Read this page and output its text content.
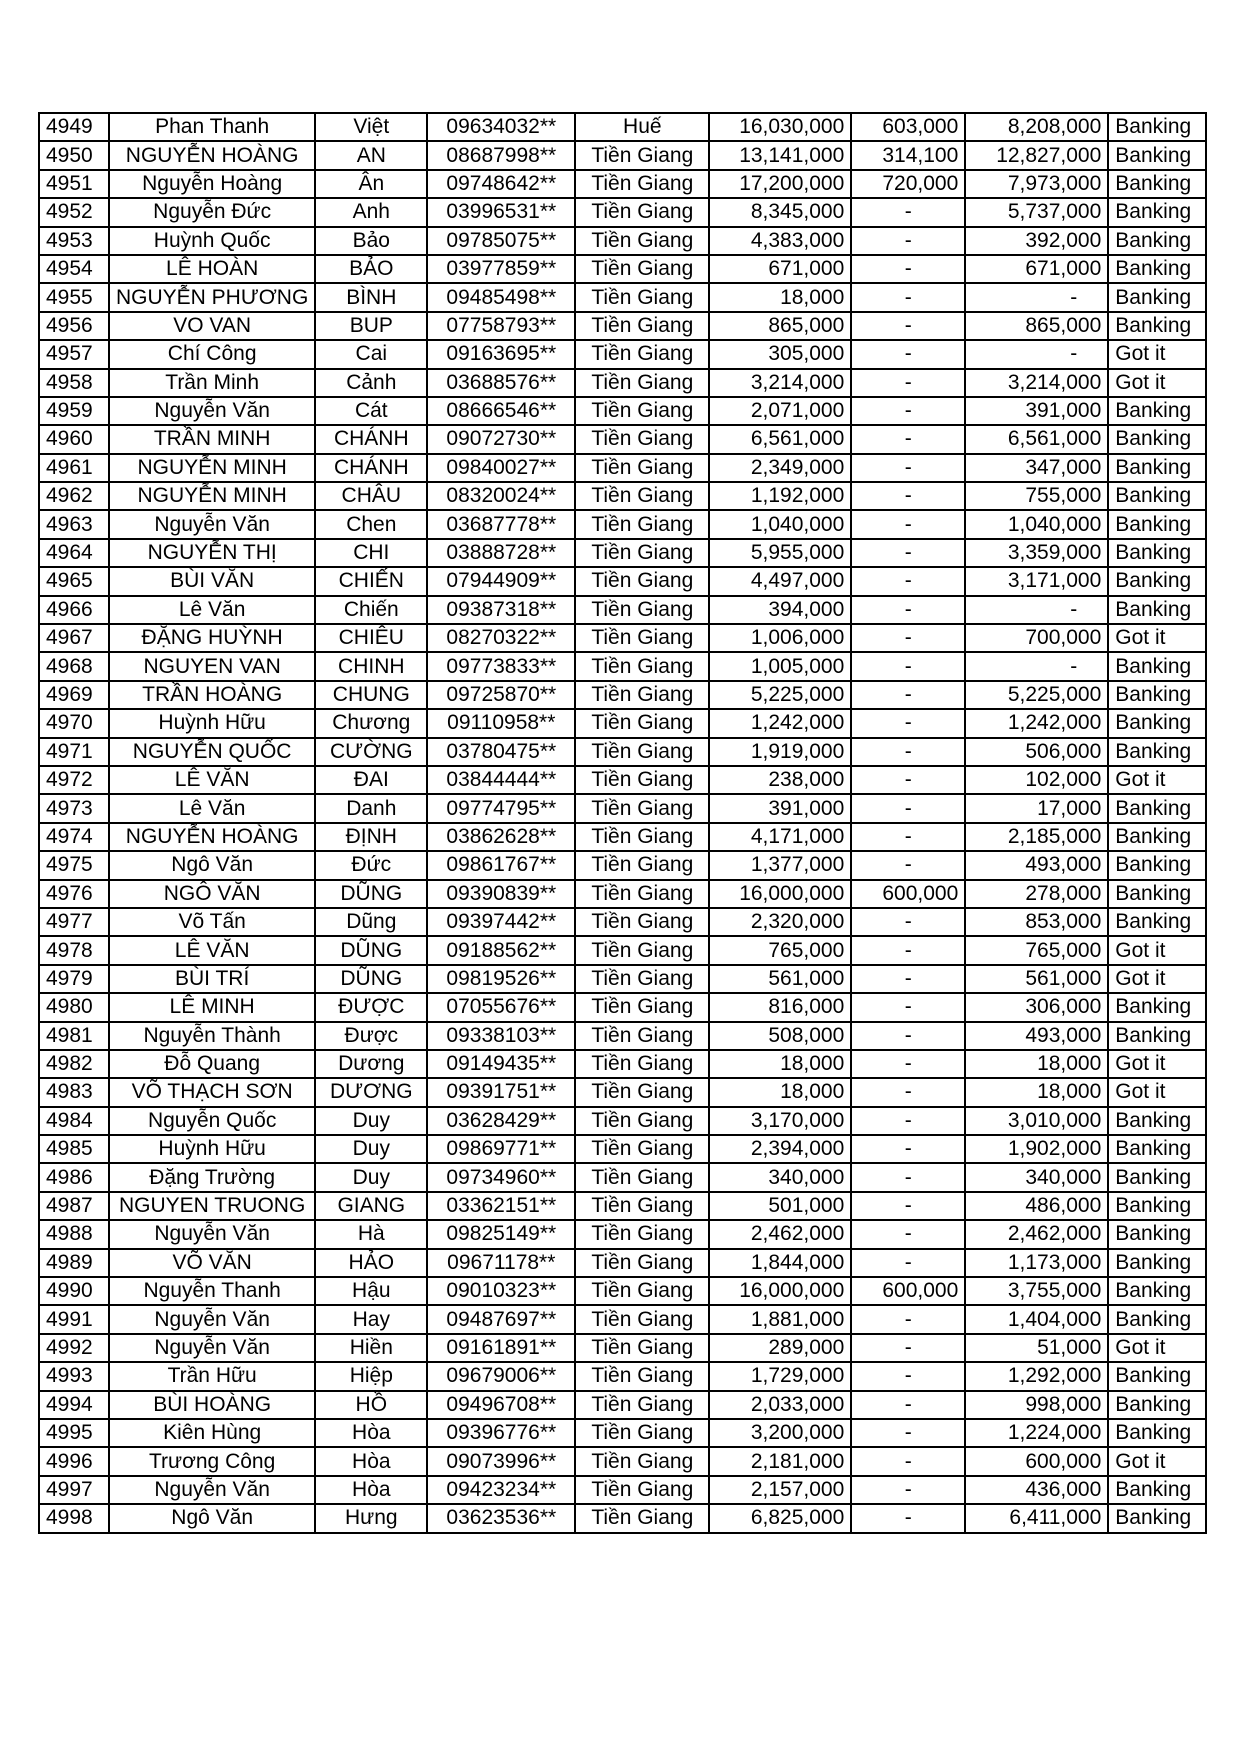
4949	Phan Thanh	Việt	09634032**	Huế	16,030,000	603,000	8,208,000	Banking
4950	NGUYỄN HOÀNG	AN	08687998**	Tiền Giang	13,141,000	314,100	12,827,000	Banking
4951	Nguyễn Hoàng	Ân	09748642**	Tiền Giang	17,200,000	720,000	7,973,000	Banking
4952	Nguyễn Đức	Anh	03996531**	Tiền Giang	8,345,000	-	5,737,000	Banking
4953	Huỳnh Quốc	Bảo	09785075**	Tiền Giang	4,383,000	-	392,000	Banking
4954	LÊ HOÀN	BẢO	03977859**	Tiền Giang	671,000	-	671,000	Banking
4955	NGUYỄN PHƯƠNG	BÌNH	09485498**	Tiền Giang	18,000	-	-	Banking
4956	VO VAN	BUP	07758793**	Tiền Giang	865,000	-	865,000	Banking
4957	Chí Công	Cai	09163695**	Tiền Giang	305,000	-	-	Got it
4958	Trần Minh	Cảnh	03688576**	Tiền Giang	3,214,000	-	3,214,000	Got it
4959	Nguyễn Văn	Cát	08666546**	Tiền Giang	2,071,000	-	391,000	Banking
4960	TRẦN MINH	CHÁNH	09072730**	Tiền Giang	6,561,000	-	6,561,000	Banking
4961	NGUYỄN MINH	CHÁNH	09840027**	Tiền Giang	2,349,000	-	347,000	Banking
4962	NGUYỄN MINH	CHÂU	08320024**	Tiền Giang	1,192,000	-	755,000	Banking
4963	Nguyễn Văn	Chen	03687778**	Tiền Giang	1,040,000	-	1,040,000	Banking
4964	NGUYỄN THỊ	CHI	03888728**	Tiền Giang	5,955,000	-	3,359,000	Banking
4965	BÙI VĂN	CHIẾN	07944909**	Tiền Giang	4,497,000	-	3,171,000	Banking
4966	Lê Văn	Chiến	09387318**	Tiền Giang	394,000	-	-	Banking
4967	ĐẶNG HUỲNH	CHIÊU	08270322**	Tiền Giang	1,006,000	-	700,000	Got it
4968	NGUYEN VAN	CHINH	09773833**	Tiền Giang	1,005,000	-	-	Banking
4969	TRẦN HOÀNG	CHUNG	09725870**	Tiền Giang	5,225,000	-	5,225,000	Banking
4970	Huỳnh Hữu	Chương	09110958**	Tiền Giang	1,242,000	-	1,242,000	Banking
4971	NGUYỄN QUỐC	CƯỜNG	03780475**	Tiền Giang	1,919,000	-	506,000	Banking
4972	LÊ VĂN	ĐAI	03844444**	Tiền Giang	238,000	-	102,000	Got it
4973	Lê Văn	Danh	09774795**	Tiền Giang	391,000	-	17,000	Banking
4974	NGUYỄN HOÀNG	ĐỊNH	03862628**	Tiền Giang	4,171,000	-	2,185,000	Banking
4975	Ngô Văn	Đức	09861767**	Tiền Giang	1,377,000	-	493,000	Banking
4976	NGÔ VĂN	DŨNG	09390839**	Tiền Giang	16,000,000	600,000	278,000	Banking
4977	Võ Tấn	Dũng	09397442**	Tiền Giang	2,320,000	-	853,000	Banking
4978	LÊ VĂN	DŨNG	09188562**	Tiền Giang	765,000	-	765,000	Got it
4979	BÙI TRÍ	DŨNG	09819526**	Tiền Giang	561,000	-	561,000	Got it
4980	LÊ MINH	ĐƯỢC	07055676**	Tiền Giang	816,000	-	306,000	Banking
4981	Nguyễn Thành	Được	09338103**	Tiền Giang	508,000	-	493,000	Banking
4982	Đỗ Quang	Dương	09149435**	Tiền Giang	18,000	-	18,000	Got it
4983	VÕ THẠCH SƠN	DƯƠNG	09391751**	Tiền Giang	18,000	-	18,000	Got it
4984	Nguyễn Quốc	Duy	03628429**	Tiền Giang	3,170,000	-	3,010,000	Banking
4985	Huỳnh Hữu	Duy	09869771**	Tiền Giang	2,394,000	-	1,902,000	Banking
4986	Đặng Trường	Duy	09734960**	Tiền Giang	340,000	-	340,000	Banking
4987	NGUYEN TRUONG	GIANG	03362151**	Tiền Giang	501,000	-	486,000	Banking
4988	Nguyễn Văn	Hà	09825149**	Tiền Giang	2,462,000	-	2,462,000	Banking
4989	VÕ VĂN	HẢO	09671178**	Tiền Giang	1,844,000	-	1,173,000	Banking
4990	Nguyễn Thanh	Hậu	09010323**	Tiền Giang	16,000,000	600,000	3,755,000	Banking
4991	Nguyễn Văn	Hay	09487697**	Tiền Giang	1,881,000	-	1,404,000	Banking
4992	Nguyễn Văn	Hiền	09161891**	Tiền Giang	289,000	-	51,000	Got it
4993	Trần Hữu	Hiệp	09679006**	Tiền Giang	1,729,000	-	1,292,000	Banking
4994	BÙI HOÀNG	HỒ	09496708**	Tiền Giang	2,033,000	-	998,000	Banking
4995	Kiên Hùng	Hòa	09396776**	Tiền Giang	3,200,000	-	1,224,000	Banking
4996	Trương Công	Hòa	09073996**	Tiền Giang	2,181,000	-	600,000	Got it
4997	Nguyễn Văn	Hòa	09423234**	Tiền Giang	2,157,000	-	436,000	Banking
4998	Ngô Văn	Hưng	03623536**	Tiền Giang	6,825,000	-	6,411,000	Banking
